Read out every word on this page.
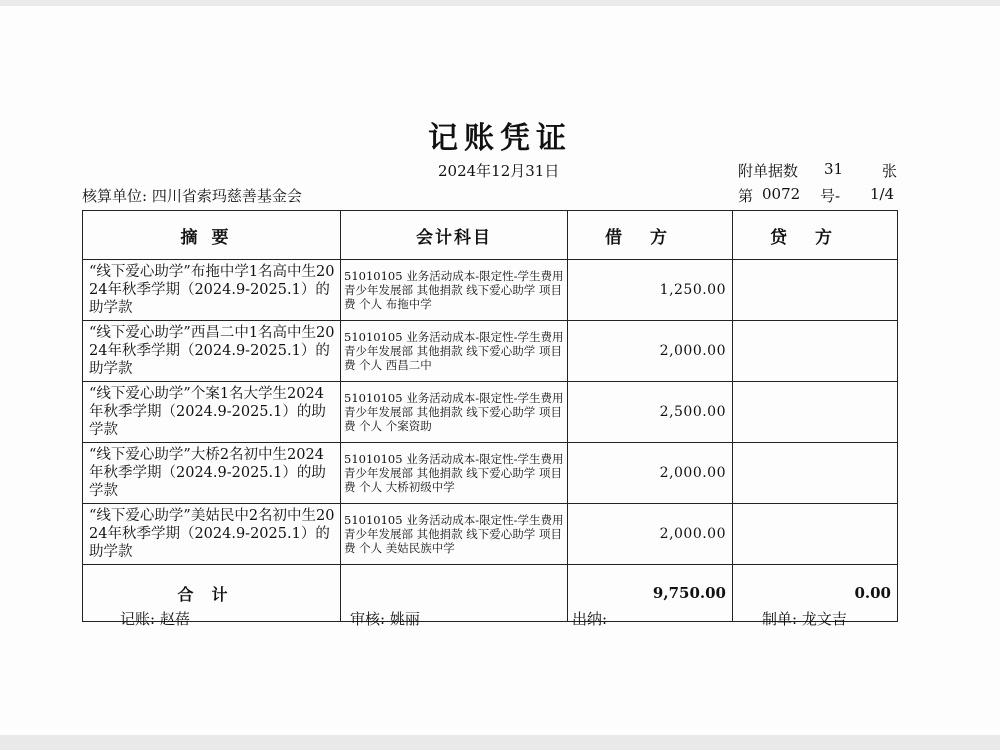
记账凭证
2024年12月31日	附单据数 31	张
核算单位: 四川省索玛慈善基金会	第 0072 号- 1/4
摘要	会计科目	借方	贷方
“线下爱心助学”布拖中学1名高中生2024年秋季学期（2024.9-2025.1）的助学款	51010105 业务活动成本-限定性-学生费用 青少年发展部 其他捐款 线下爱心助学 项目费 个人 布拖中学	1,250.00	
“线下爱心助学”西昌二中1名高中生2024年秋季学期（2024.9-2025.1）的助学款	51010105 业务活动成本-限定性-学生费用 青少年发展部 其他捐款 线下爱心助学 项目费 个人 西昌二中	2,000.00	
“线下爱心助学”个案1名大学生2024年秋季学期（2024.9-2025.1）的助学款	51010105 业务活动成本-限定性-学生费用 青少年发展部 其他捐款 线下爱心助学 项目费 个人 个案资助	2,500.00	
“线下爱心助学”大桥2名初中生2024年秋季学期（2024.9-2025.1）的助学款	51010105 业务活动成本-限定性-学生费用 青少年发展部 其他捐款 线下爱心助学 项目费 个人 大桥初级中学	2,000.00	
“线下爱心助学”美姑民中2名初中生2024年秋季学期（2024.9-2025.1）的助学款	51010105 业务活动成本-限定性-学生费用 青少年发展部 其他捐款 线下爱心助学 项目费 个人 美姑民族中学	2,000.00	
合计		9,750.00	0.00
记账: 赵蓓	审核: 姚丽	出纳:	制单: 龙文吉
